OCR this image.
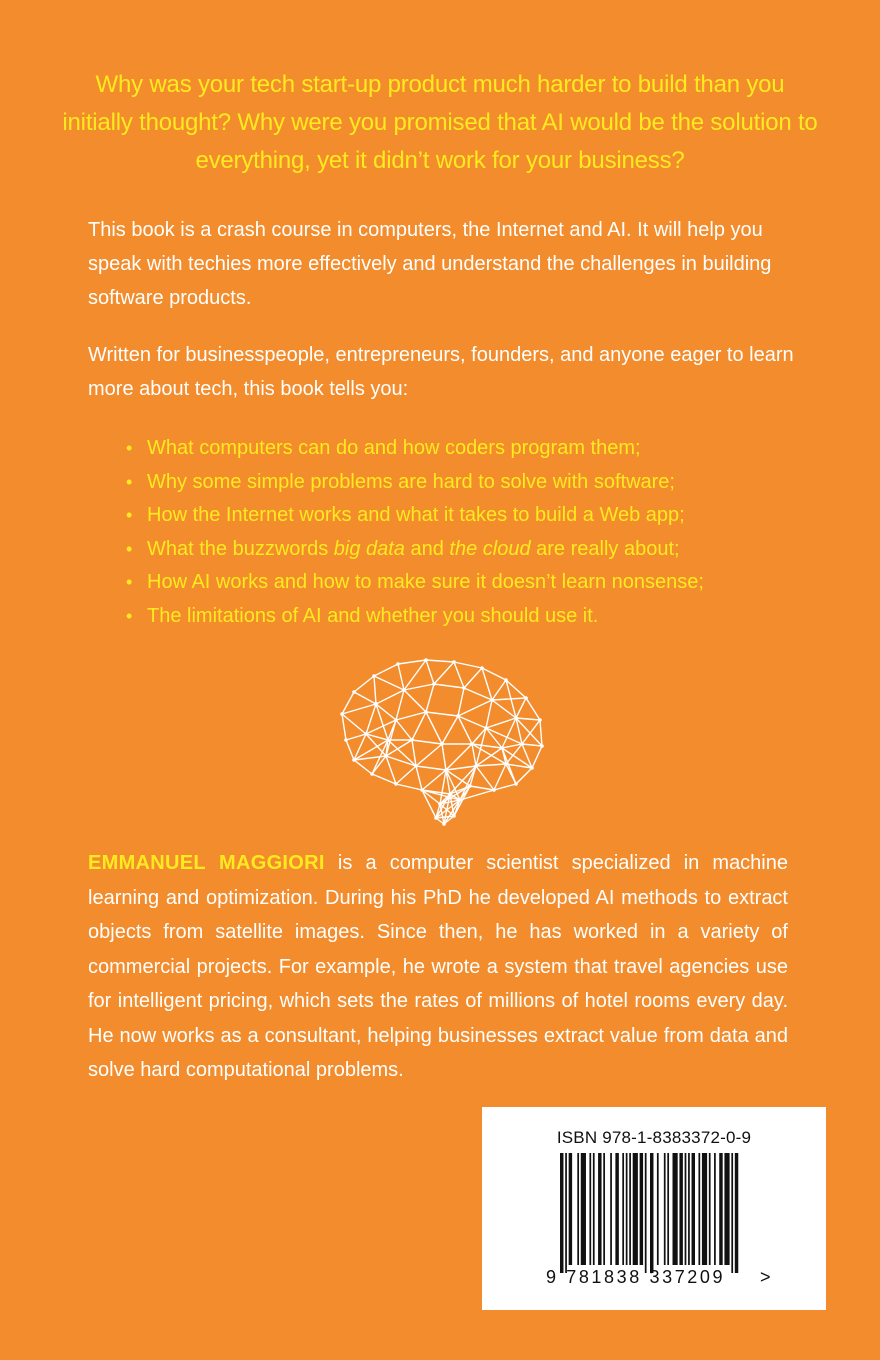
Why was your tech start-up product much harder to build than you initially thought? Why were you promised that AI would be the solution to everything, yet it didn’t work for your business?

This book is a crash course in computers, the Internet and AI. It will help you speak with techies more effectively and understand the challenges in building software products.

Written for businesspeople, entrepreneurs, founders, and anyone eager to learn more about tech, this book tells you:

• What computers can do and how coders program them;
• Why some simple problems are hard to solve with software;
• How the Internet works and what it takes to build a Web app;
• What the buzzwords big data and the cloud are really about;
• How AI works and how to make sure it doesn’t learn nonsense;
• The limitations of AI and whether you should use it.

EMMANUEL MAGGIORI is a computer scientist specialized in machine learning and optimization. During his PhD he developed AI methods to extract objects from satellite images. Since then, he has worked in a variety of commercial projects. For example, he wrote a system that travel agencies use for intelligent pricing, which sets the rates of millions of hotel rooms every day. He now works as a consultant, helping businesses extract value from data and solve hard computational problems.

ISBN 978-1-8383372-0-9
9 781838 337209 >
